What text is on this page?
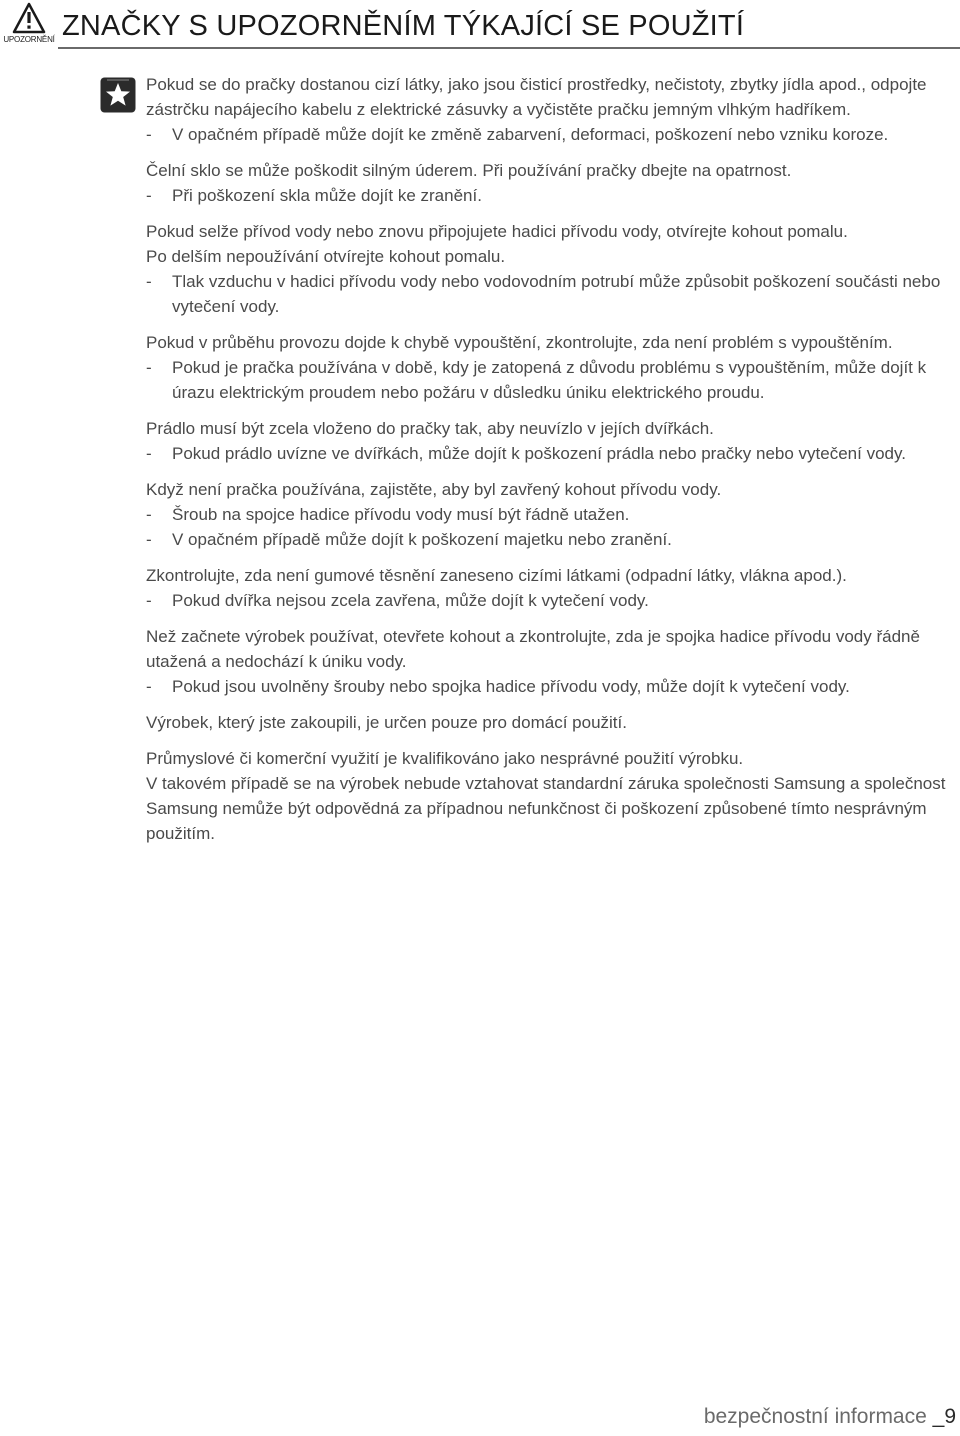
UPOZORNĚNÍ ZNAČKY S UPOZORNĚNÍM TÝKAJÍCÍ SE POUŽITÍ

Pokud se do pračky dostanou cizí látky, jako jsou čisticí prostředky, nečistoty, zbytky jídla apod., odpojte zástrčku napájecího kabelu z elektrické zásuvky a vyčistěte pračku jemným vlhkým hadříkem.

- V opačném případě může dojít ke změně zabarvení, deformaci, poškození nebo vzniku koroze.

Čelní sklo se může poškodit silným úderem. Při používání pračky dbejte na opatrnost.

- Při poškození skla může dojít ke zranění.

Pokud selže přívod vody nebo znovu připojujete hadici přívodu vody, otvírejte kohout pomalu.

Po delším nepoužívání otvírejte kohout pomalu.

- Tlak vzduchu v hadici přívodu vody nebo vodovodním potrubí může způsobit poškození součásti nebo vytečení vody.

Pokud v průběhu provozu dojde k chybě vypouštění, zkontrolujte, zda není problém s vypouštěním.

- Pokud je pračka používána v době, kdy je zatopená z důvodu problému s vypouštěním, může dojít k úrazu elektrickým proudem nebo požáru v důsledku úniku elektrického proudu.

Prádlo musí být zcela vloženo do pračky tak, aby neuvízlo v jejích dvířkách.

- Pokud prádlo uvízne ve dvířkách, může dojít k poškození prádla nebo pračky nebo vytečení vody.

Když není pračka používána, zajistěte, aby byl zavřený kohout přívodu vody.

- Šroub na spojce hadice přívodu vody musí být řádně utažen.
- V opačném případě může dojít k poškození majetku nebo zranění.

Zkontrolujte, zda není gumové těsnění zaneseno cizími látkami (odpadní látky, vlákna apod.).

- Pokud dvířka nejsou zcela zavřena, může dojít k vytečení vody.

Než začnete výrobek používat, otevřete kohout a zkontrolujte, zda je spojka hadice přívodu vody řádně utažená a nedochází k úniku vody.

- Pokud jsou uvolněny šrouby nebo spojka hadice přívodu vody, může dojít k vytečení vody.

Výrobek, který jste zakoupili, je určen pouze pro domácí použití.

Průmyslové či komerční využití je kvalifikováno jako nesprávné použití výrobku.

V takovém případě se na výrobek nebude vztahovat standardní záruka společnosti Samsung a společnost Samsung nemůže být odpovědná za případnou nefunkčnost či poškození způsobené tímto nesprávným použitím.

bezpečnostní informace _9
